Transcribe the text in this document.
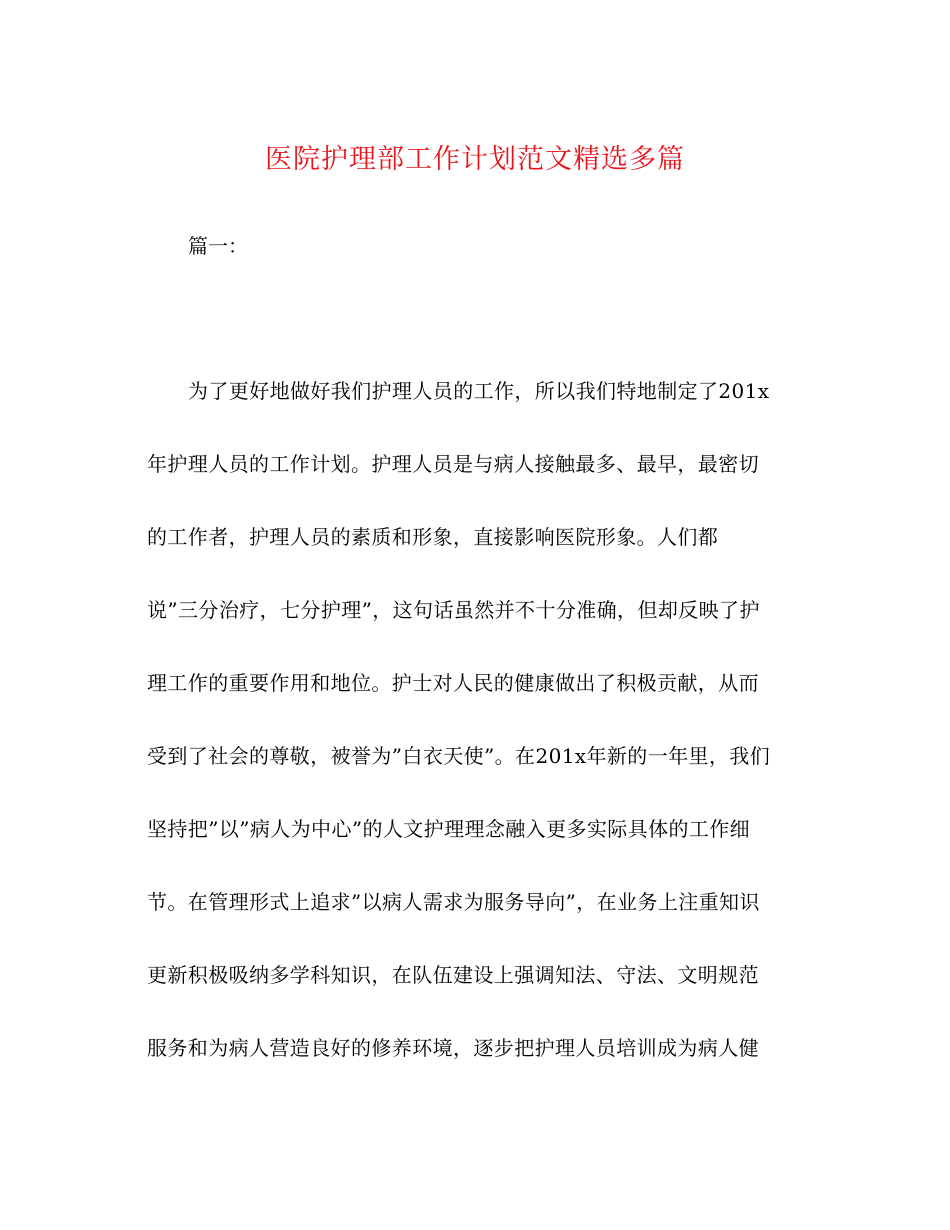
医院护理部工作计划范文精选多篇

篇一：

为了更好地做好我们护理人员的工作，所以我们特地制定了201x
年护理人员的工作计划。护理人员是与病人接触最多、最早，最密切
的工作者，护理人员的素质和形象，直接影响医院形象。人们都
说”三分治疗，七分护理”，这句话虽然并不十分准确，但却反映了护
理工作的重要作用和地位。护士对人民的健康做出了积极贡献，从而
受到了社会的尊敬，被誉为”白衣天使”。在201x年新的一年里，我们
坚持把”以”病人为中心”的人文护理理念融入更多实际具体的工作细
节。在管理形式上追求”以病人需求为服务导向”，在业务上注重知识
更新积极吸纳多学科知识，在队伍建设上强调知法、守法、文明规范
服务和为病人营造良好的修养环境，逐步把护理人员培训成为病人健
